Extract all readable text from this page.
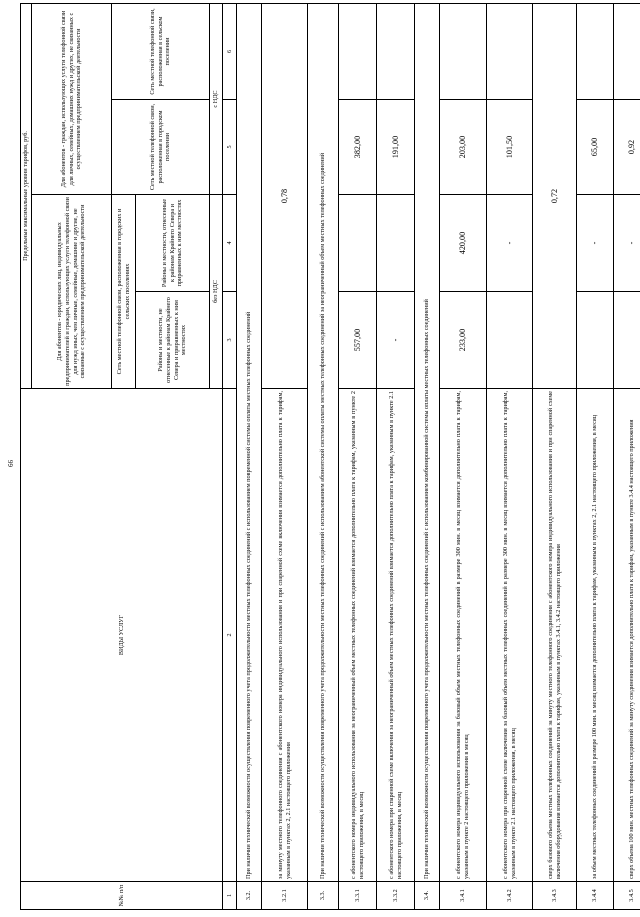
66
№№ п/п	ВИДЫ УСЛУГ	Предельные максимальные уровни тарифов, руб.			
		Для абонентов - юридических лиц, индивидуальных предпринимателей и граждан, использующих услуги телефонной связи для нужд иных, чем личные, семейные, домашние и другие, не связанные с осуществлением предпринимательской деятельности		Для абонентов - граждан, использующих услуги телефонной связи для личных, семейных, домашних нужд и других, не связанных с осуществлением предпринимательской деятельности	
		Сеть местной телефонной связи, расположенная в городских и сельских поселениях		Сеть местной телефонной связи, расположенная в городском поселении	Сеть местной телефонной связи, расположенная в сельском поселении
		Районы и местности, не отнесенные к районам Крайнего Севера и приравненных к ним местностях	Районы и местности, отнесенные к районам Крайнего Севера и приравненных к ним местностях		
		без НДС		с НДС	
1	2	3	4	5	6
3.2.	При наличии технической возможности осуществления повременного учета продолжительности местных телефонных соединений с использованием повременной системы оплаты местных телефонных соединений				
3.2.1	за минуту местного телефонного соединения с абонентского номера индивидуального использования и при спаренной схеме включения взимается дополнительно плата к тарифам, указанным в пунктах 2, 2.1 настоящего приложения	0,78			
3.3.	При наличии технической возможности осуществления повременного учета продолжительности местных телефонных соединений с использованием абонентской системы оплаты местных телефонных соединений за неограниченный объем местных телефонных соединений				
3.3.1	с абонентского номера индивидуального использования за неограниченный объем местных телефонных соединений взимается дополнительно плата к тарифам, указанным в пункте 2 настоящего приложения, в месяц	557,00		382,00	
3.3.2	с абонентского номера при спаренной схеме включения за неограниченный объем местных телефонных соединений взимается дополнительно плата к тарифам, указанным в пункте 2.1 настоящего приложения, в месяц	-		191,00	
3.4.	При наличии технической возможности осуществления повременного учета продолжительности местных телефонных соединений с использованием комбинированной системы оплаты местных телефонных соединений				
3.4.1	с абонентского номера индивидуального использования за базовый объем местных телефонных соединений в размере 300 мин. в месяц взимается дополнительно плата к тарифам, указанным в пункте 2 настоящего приложения в месяц	233,00	420,00	203,00	
3.4.2	с абонентского номера при спаренной схеме включения за базовый объем местных телефонных соединений в размере 300 мин. в месяц взимается дополнительно плата к тарифам, указанным в пункте 2.1 настоящего приложения, в месяц		-	101,50	
3.4.3	сверх базового объема местных телефонных соединений за минуту местного телефонного соединения с абонентского номера индивидуального использования и при спаренной схеме включения оборудования взимается дополнительно плата к тарифам, указанным в пунктах 3.4.1, 3.4.2 настоящего приложения	0,72			
3.4.4	за объем местных телефонных соединений в размере 100 мин. в месяц взимается дополнительно плата к тарифам, указанным в пунктах 2, 2.1 настоящего приложения, в месяц		-	65,00	
3.4.5	сверх объема 100 мин. местных телефонных соединений за минуту соединения взимается дополнительно плата к тарифам, указанным в пункте 3.4.4 настоящего приложения		-	0,92	
